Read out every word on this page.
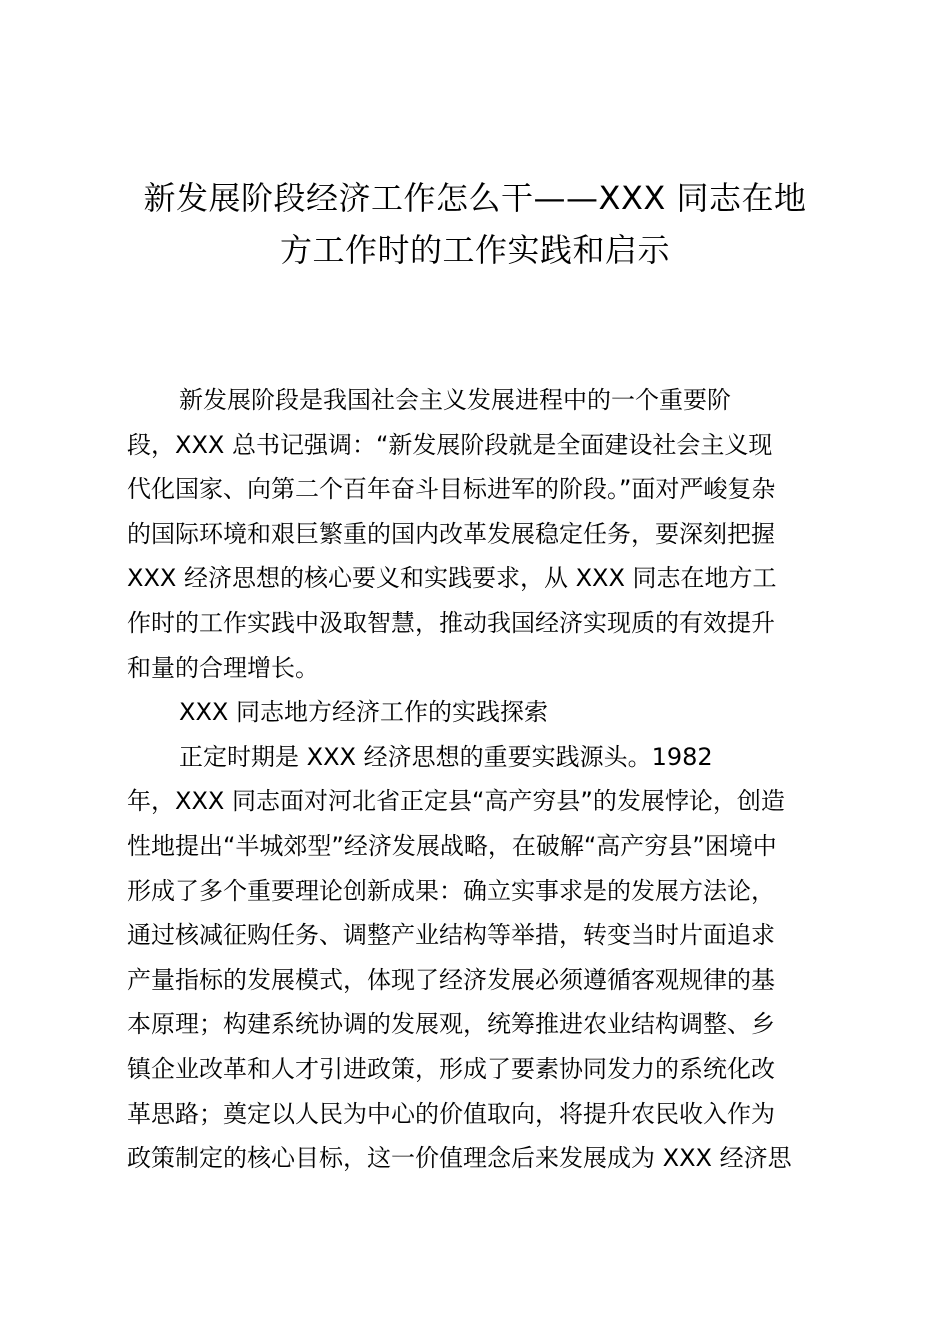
新发展阶段经济工作怎么干——XXX 同志在地
方工作时的工作实践和启示
新发展阶段是我国社会主义发展进程中的一个重要阶
段，XXX 总书记强调：“新发展阶段就是全面建设社会主义现
代化国家、向第二个百年奋斗目标进军的阶段。”面对严峻复杂
的国际环境和艰巨繁重的国内改革发展稳定任务，要深刻把握
XXX 经济思想的核心要义和实践要求，从 XXX 同志在地方工
作时的工作实践中汲取智慧，推动我国经济实现质的有效提升
和量的合理增长。
XXX 同志地方经济工作的实践探索
正定时期是 XXX 经济思想的重要实践源头。1982
年，XXX 同志面对河北省正定县“高产穷县”的发展悖论，创造
性地提出“半城郊型”经济发展战略，在破解“高产穷县”困境中
形成了多个重要理论创新成果：确立实事求是的发展方法论，
通过核减征购任务、调整产业结构等举措，转变当时片面追求
产量指标的发展模式，体现了经济发展必须遵循客观规律的基
本原理；构建系统协调的发展观，统筹推进农业结构调整、乡
镇企业改革和人才引进政策，形成了要素协同发力的系统化改
革思路；奠定以人民为中心的价值取向，将提升农民收入作为
政策制定的核心目标，这一价值理念后来发展成为 XXX 经济思
